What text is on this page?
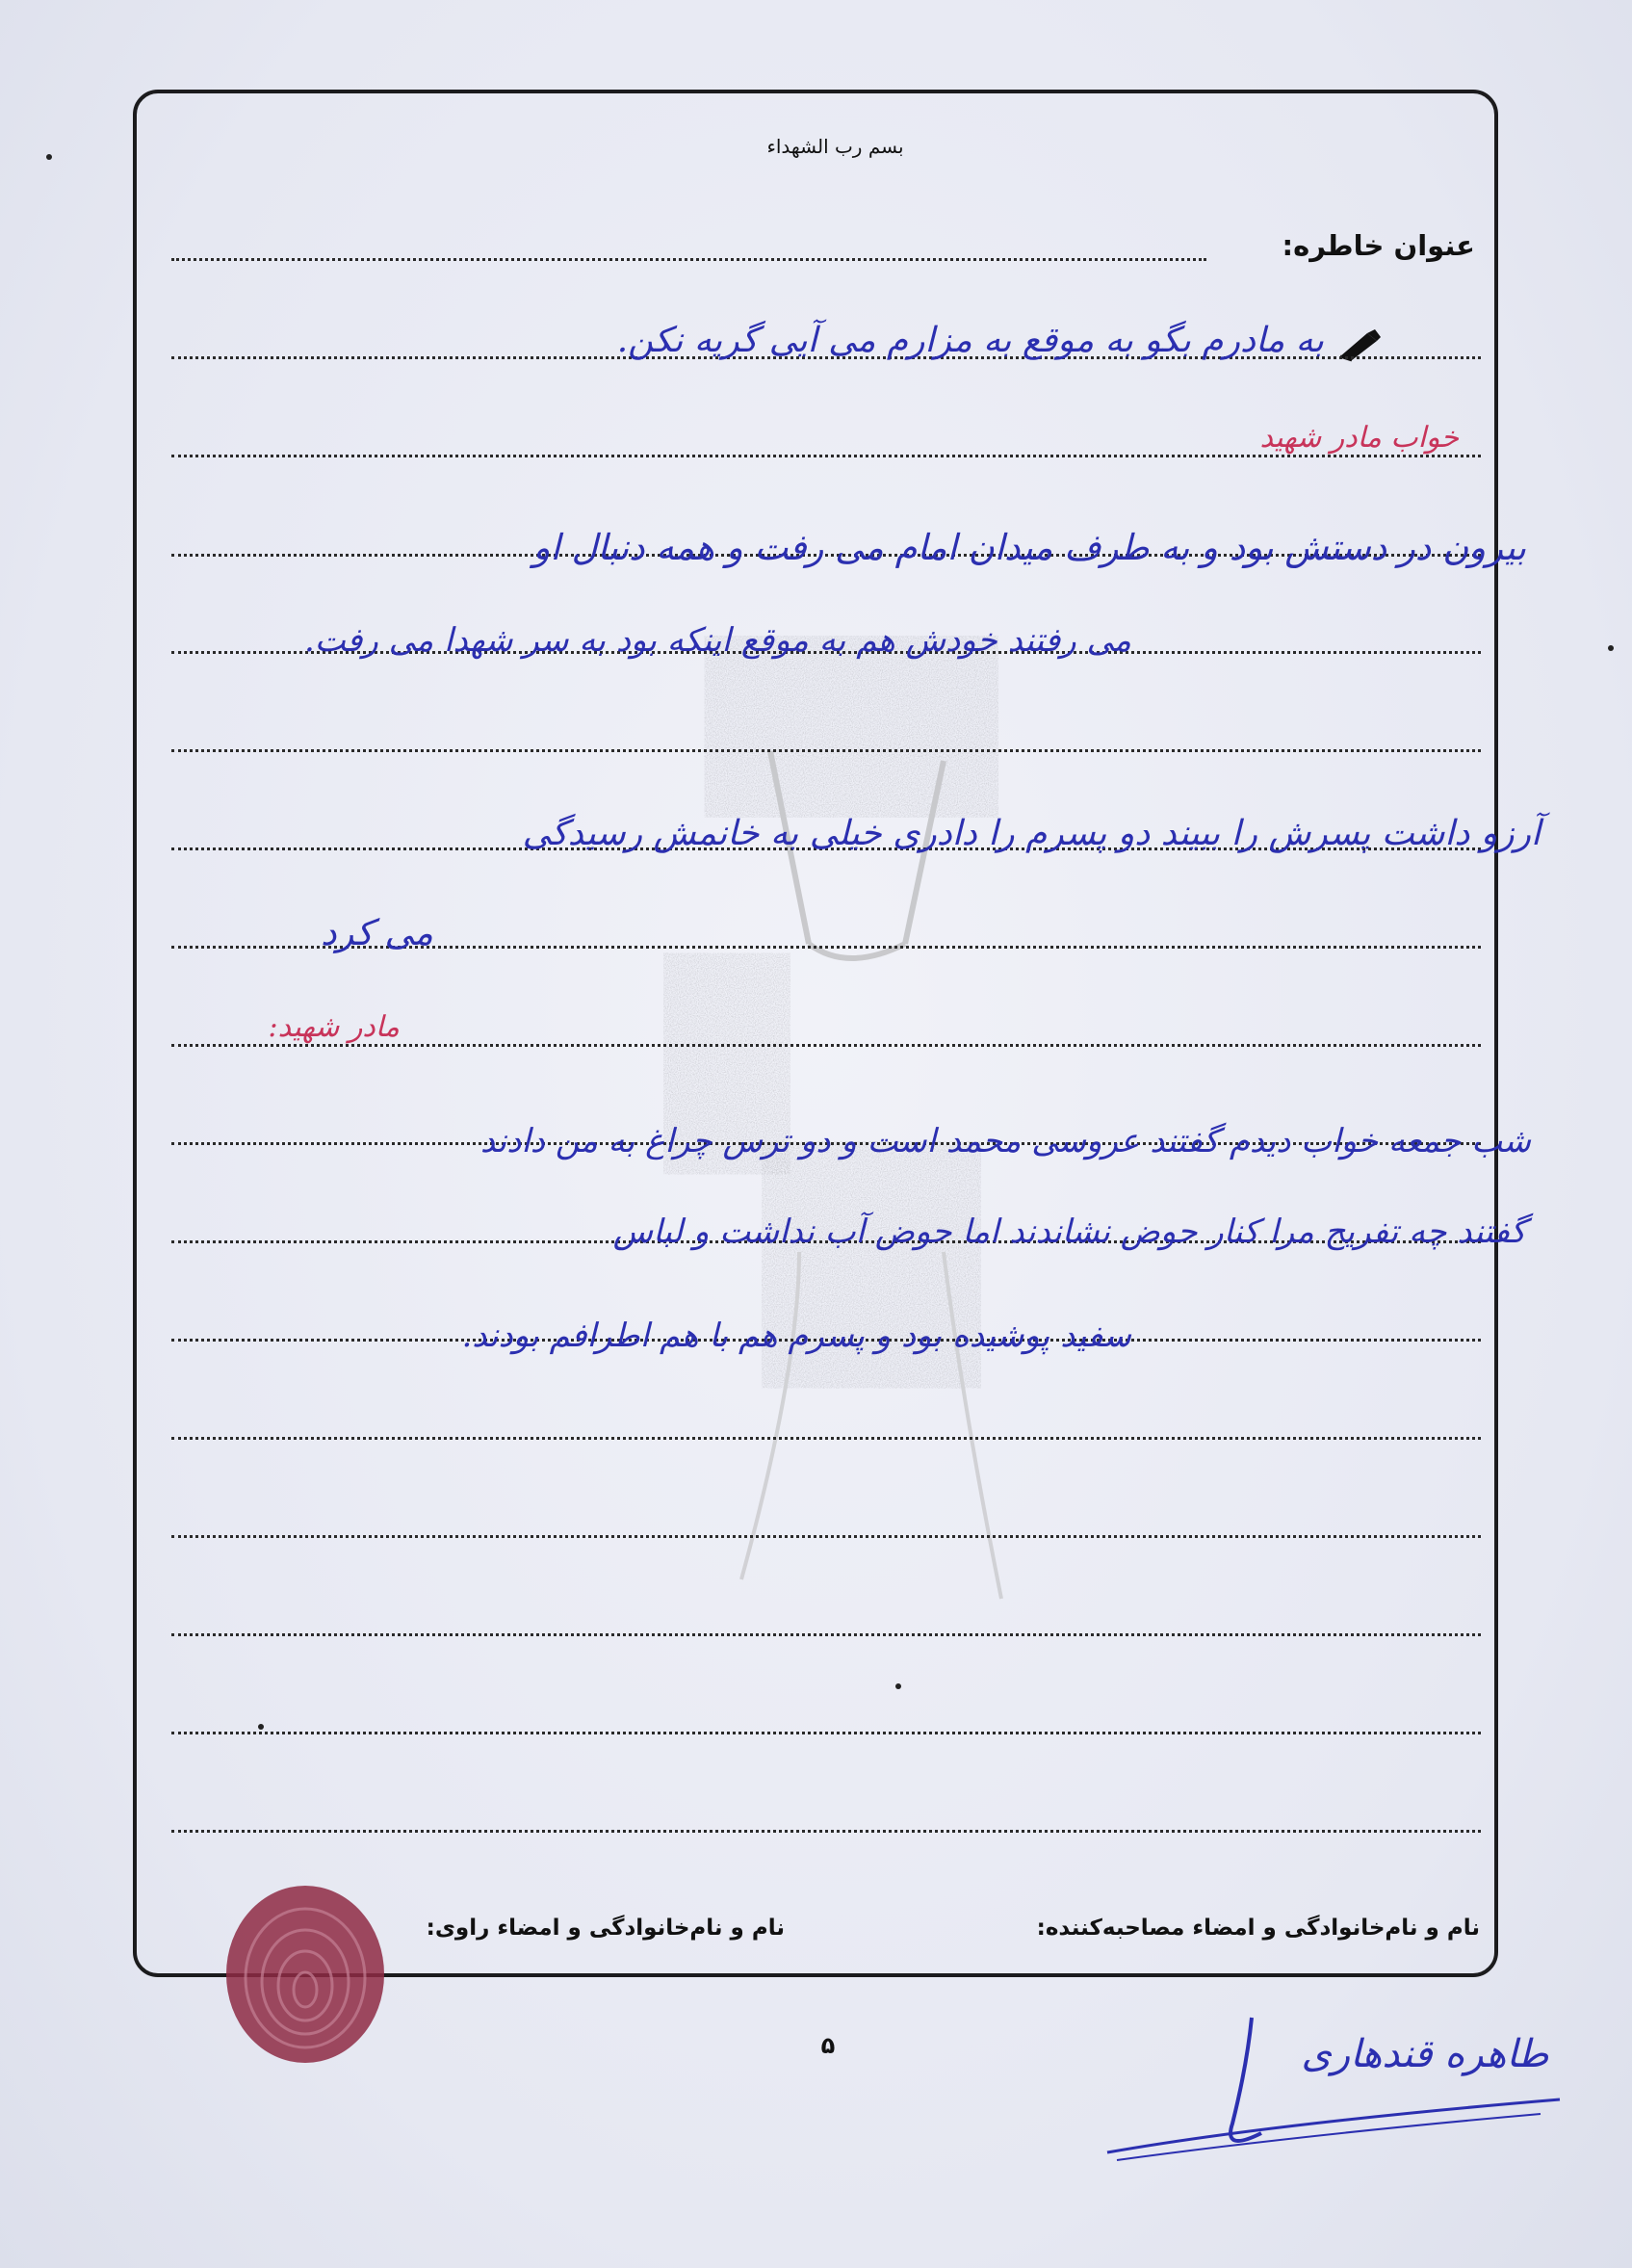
بسم رب الشهداء
عنوان خاطره:
به مادرم بگو به موقع به مزارم می آیی گریه نکن.
خواب مادر شهید
بیرون در دستش بود و به طرف میدان امام می رفت و همه دنبال او
می رفتند خودش هم به موقع اینکه بود به سر شهدا می رفت.
آرزو داشت پسرش را ببیند دو پسرم را دادری خیلی به خانمش رسیدگی
می کرد
مادر شهید:
شب جمعه خواب دیدم گفتند عروسی محمد است و دو ترس چراغ به من دادند
گفتند چه تفریح مرا کنار حوض نشاندند اما حوض آب نداشت و لباس
سفید پوشیده بود و پسرم هم با هم اطرافم بودند.
نام و نام‌خانوادگی و امضاء مصاحبه‌کننده:
نام و نام‌خانوادگی و امضاء راوی:
۵	طاهره قندهاری
